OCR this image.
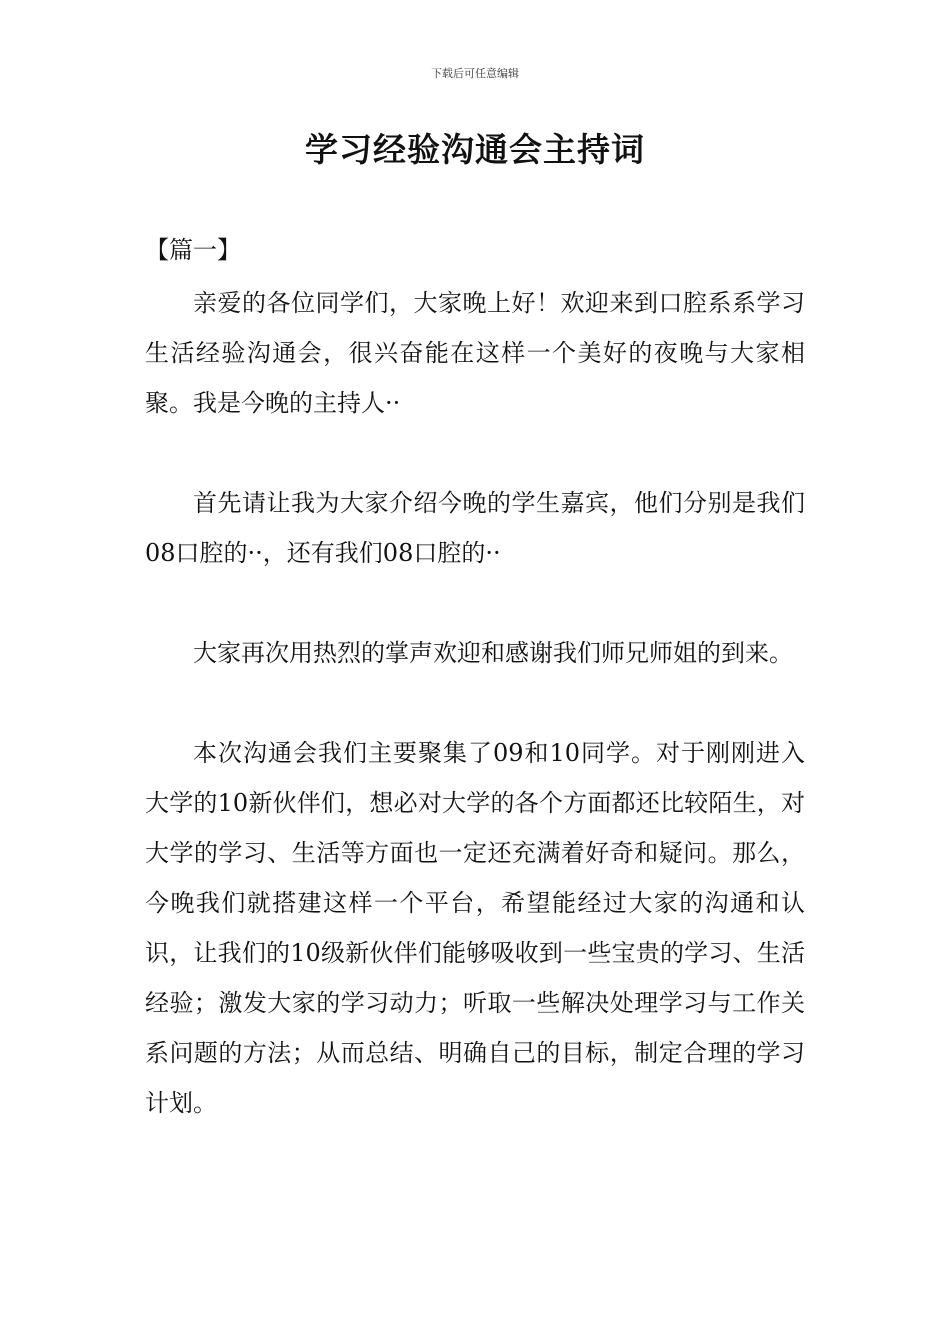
下载后可任意编辑
学习经验沟通会主持词

【篇一】

亲爱的各位同学们，大家晚上好！欢迎来到口腔系系学习生活经验沟通会，很兴奋能在这样一个美好的夜晚与大家相聚。我是今晚的主持人··

首先请让我为大家介绍今晚的学生嘉宾，他们分别是我们08口腔的··，还有我们08口腔的··

大家再次用热烈的掌声欢迎和感谢我们师兄师姐的到来。

本次沟通会我们主要聚集了09和10同学。对于刚刚进入大学的10新伙伴们，想必对大学的各个方面都还比较陌生，对大学的学习、生活等方面也一定还充满着好奇和疑问。那么，今晚我们就搭建这样一个平台，希望能经过大家的沟通和认识，让我们的10级新伙伴们能够吸收到一些宝贵的学习、生活经验；激发大家的学习动力；听取一些解决处理学习与工作关系问题的方法；从而总结、明确自己的目标，制定合理的学习计划。
